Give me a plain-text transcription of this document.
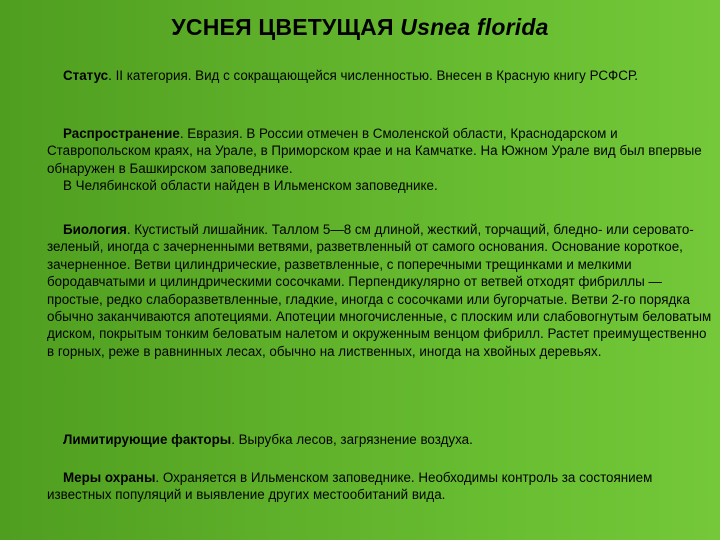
УСНЕЯ ЦВЕТУЩАЯ Usnea florida
Статус. II категория. Вид с сокращающейся численностью. Внесен в Красную книгу РСФСР.
Распространение. Евразия. В России отмечен в Смоленской области, Краснодарском и Ставропольском краях, на Урале, в Приморском крае и на Камчатке. На Южном Урале вид был впервые обнаружен в Башкирском заповеднике.
В Челябинской области найден в Ильменском заповеднике.
Биология. Кустистый лишайник. Таллом 5—8 см длиной, жесткий, торчащий, бледно- или серовато-зеленый, иногда с зачерненными ветвями, разветвленный от самого основания. Основание короткое, зачерненное. Ветви цилиндрические, разветвленные, с поперечными трещинками и мелкими бородавчатыми и цилиндрическими сосочками. Перпендикулярно от ветвей отходят фибриллы — простые, редко слаборазветвленные, гладкие, иногда с сосочками или бугорчатые. Ветви 2-го порядка обычно заканчиваются апотециями. Апотеции многочисленные, с плоским или слабовогнутым беловатым диском, покрытым тонким беловатым налетом и окруженным венцом фибрилл. Растет преимущественно в горных, реже в равнинных лесах, обычно на лиственных, иногда на хвойных деревьях.
Лимитирующие факторы. Вырубка лесов, загрязнение воздуха.
Меры охраны. Охраняется в Ильменском заповеднике. Необходимы контроль за состоянием известных популяций и выявление других местообитаний вида.
